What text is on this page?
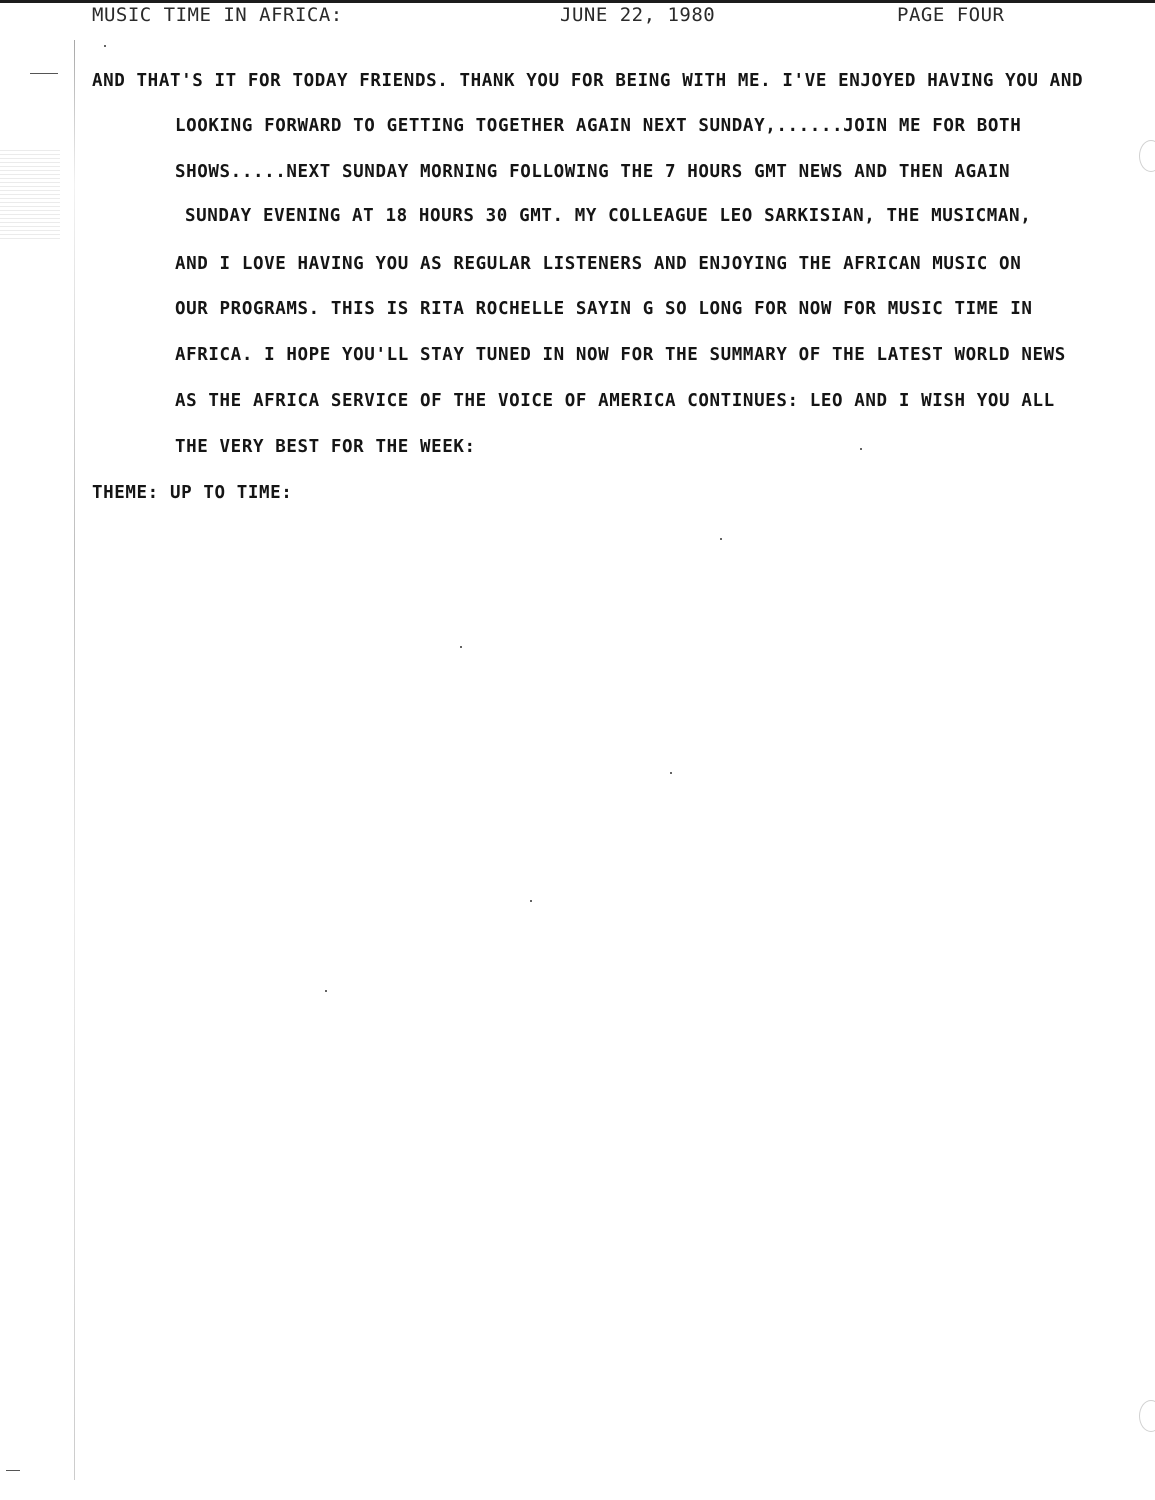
MUSIC TIME IN AFRICA:	JUNE 22, 1980	PAGE FOUR
AND THAT'S IT FOR TODAY FRIENDS. THANK YOU FOR BEING WITH ME. I'VE ENJOYED HAVING YOU AND
LOOKING FORWARD TO GETTING TOGETHER AGAIN NEXT SUNDAY,......JOIN ME FOR BOTH
SHOWS.....NEXT SUNDAY MORNING FOLLOWING THE 7 HOURS GMT NEWS AND THEN AGAIN
SUNDAY EVENING AT 18 HOURS 30 GMT. MY COLLEAGUE LEO SARKISIAN, THE MUSICMAN,
AND I LOVE HAVING YOU AS REGULAR LISTENERS AND ENJOYING THE AFRICAN MUSIC ON
OUR PROGRAMS. THIS IS RITA ROCHELLE SAYIN G SO LONG FOR NOW FOR MUSIC TIME IN
AFRICA. I HOPE YOU'LL STAY TUNED IN NOW FOR THE SUMMARY OF THE LATEST WORLD NEWS
AS THE AFRICA SERVICE OF THE VOICE OF AMERICA CONTINUES: LEO AND I WISH YOU ALL
THE VERY BEST FOR THE WEEK:
THEME: UP TO TIME:
